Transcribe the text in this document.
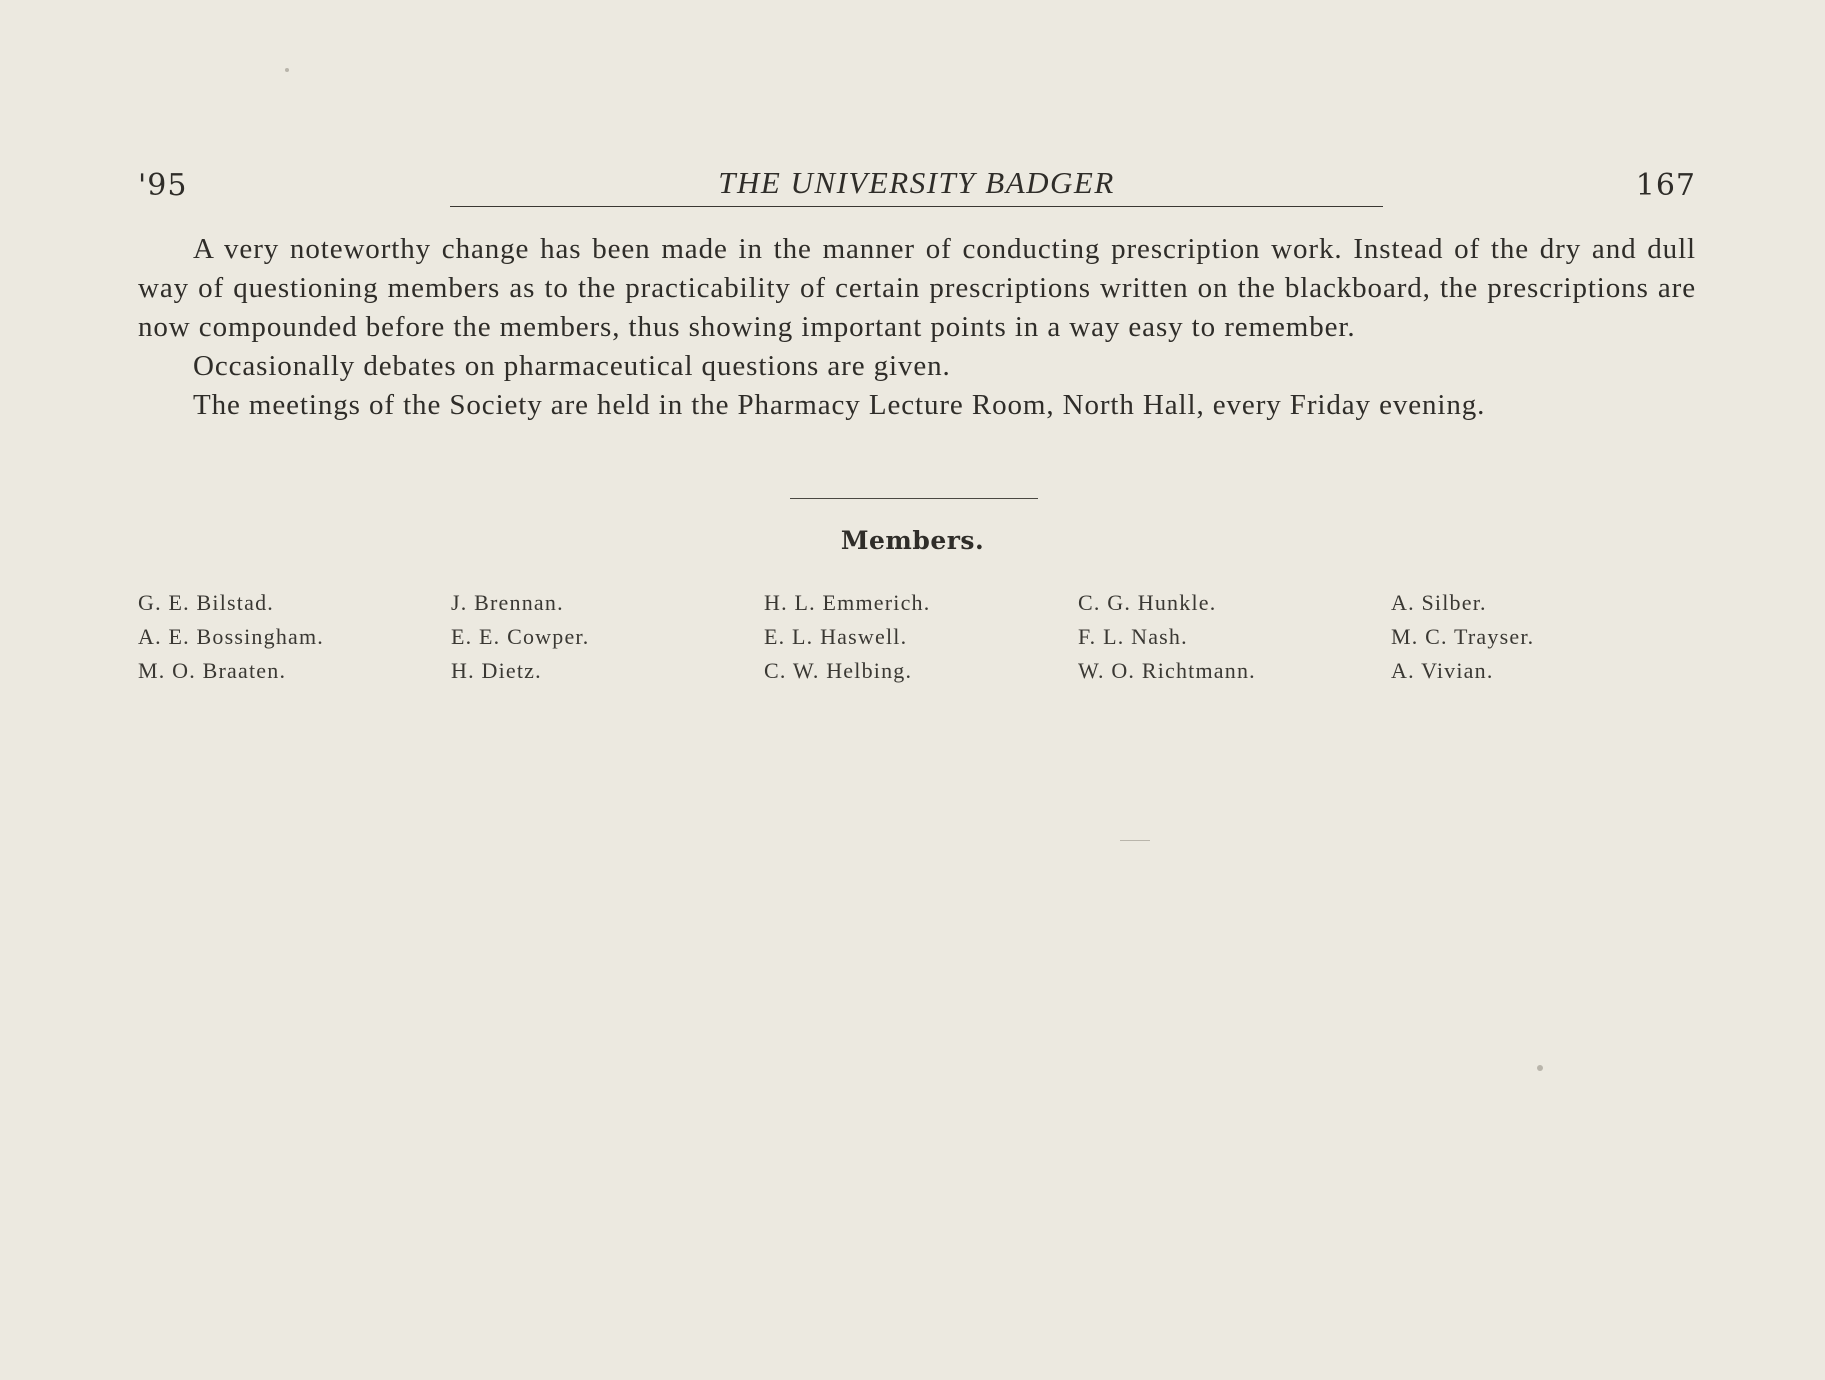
'95	THE UNIVERSITY BADGER	167

A very noteworthy change has been made in the manner of conducting prescription work. Instead of the dry and dull way of questioning members as to the practicability of certain prescriptions written on the blackboard, the prescriptions are now compounded before the members, thus showing important points in a way easy to remember.

Occasionally debates on pharmaceutical questions are given.

The meetings of the Society are held in the Pharmacy Lecture Room, North Hall, every Friday evening.

Members.
G. E. Bilstad.
A. E. Bossingham.
M. O. Braaten.
J. Brennan.
E. E. Cowper.
H. Dietz.
H. L. Emmerich.
E. L. Haswell.
C. W. Helbing.
C. G. Hunkle.
F. L. Nash.
W. O. Richtmann.
A. Silber.
M. C. Trayser.
A. Vivian.
